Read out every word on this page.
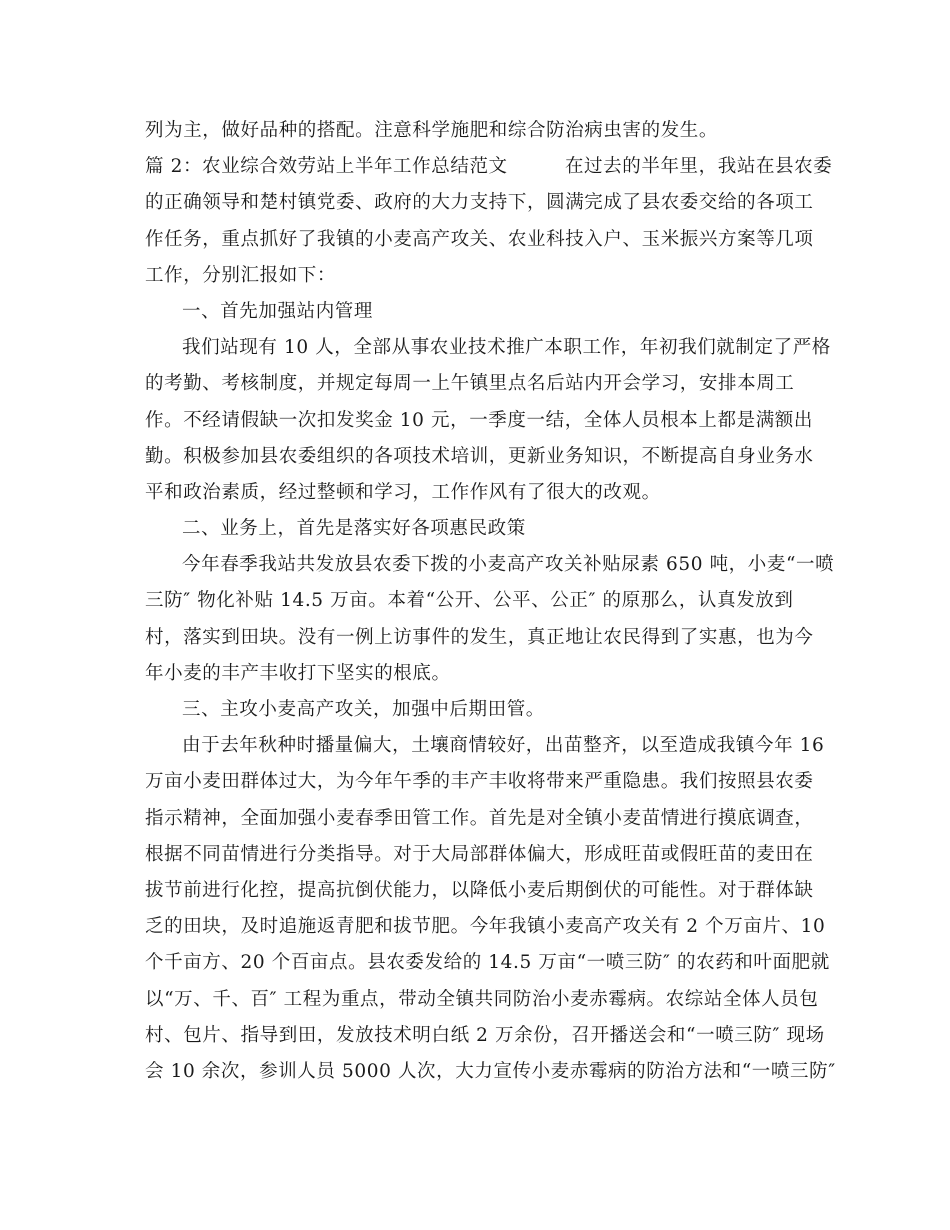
列为主，做好品种的搭配。注意科学施肥和综合防治病虫害的发生。
篇 2：农业综合效劳站上半年工作总结范文　　　在过去的半年里，我站在县农委
的正确领导和楚村镇党委、政府的大力支持下，圆满完成了县农委交给的各项工
作任务，重点抓好了我镇的小麦高产攻关、农业科技入户、玉米振兴方案等几项
工作，分别汇报如下：
一、首先加强站内管理
我们站现有 10 人，全部从事农业技术推广本职工作，年初我们就制定了严格
的考勤、考核制度，并规定每周一上午镇里点名后站内开会学习，安排本周工
作。不经请假缺一次扣发奖金 10 元，一季度一结，全体人员根本上都是满额出
勤。积极参加县农委组织的各项技术培训，更新业务知识，不断提高自身业务水
平和政治素质，经过整顿和学习，工作作风有了很大的改观。
二、业务上，首先是落实好各项惠民政策
今年春季我站共发放县农委下拨的小麦高产攻关补贴尿素 650 吨，小麦“一喷
三防″ 物化补贴 14.5 万亩。本着“公开、公平、公正″ 的原那么，认真发放到
村，落实到田块。没有一例上访事件的发生，真正地让农民得到了实惠，也为今
年小麦的丰产丰收打下坚实的根底。
三、主攻小麦高产攻关，加强中后期田管。
由于去年秋种时播量偏大，土壤商情较好，出苗整齐，以至造成我镇今年 16
万亩小麦田群体过大，为今年午季的丰产丰收将带来严重隐患。我们按照县农委
指示精神，全面加强小麦春季田管工作。首先是对全镇小麦苗情进行摸底调查，
根据不同苗情进行分类指导。对于大局部群体偏大，形成旺苗或假旺苗的麦田在
拔节前进行化控，提高抗倒伏能力，以降低小麦后期倒伏的可能性。对于群体缺
乏的田块，及时追施返青肥和拔节肥。今年我镇小麦高产攻关有 2 个万亩片、10
个千亩方、20 个百亩点。县农委发给的 14.5 万亩“一喷三防″ 的农药和叶面肥就
以“万、千、百″ 工程为重点，带动全镇共同防治小麦赤霉病。农综站全体人员包
村、包片、指导到田，发放技术明白纸 2 万余份，召开播送会和“一喷三防″ 现场
会 10 余次，参训人员 5000 人次，大力宣传小麦赤霉病的防治方法和“一喷三防″
